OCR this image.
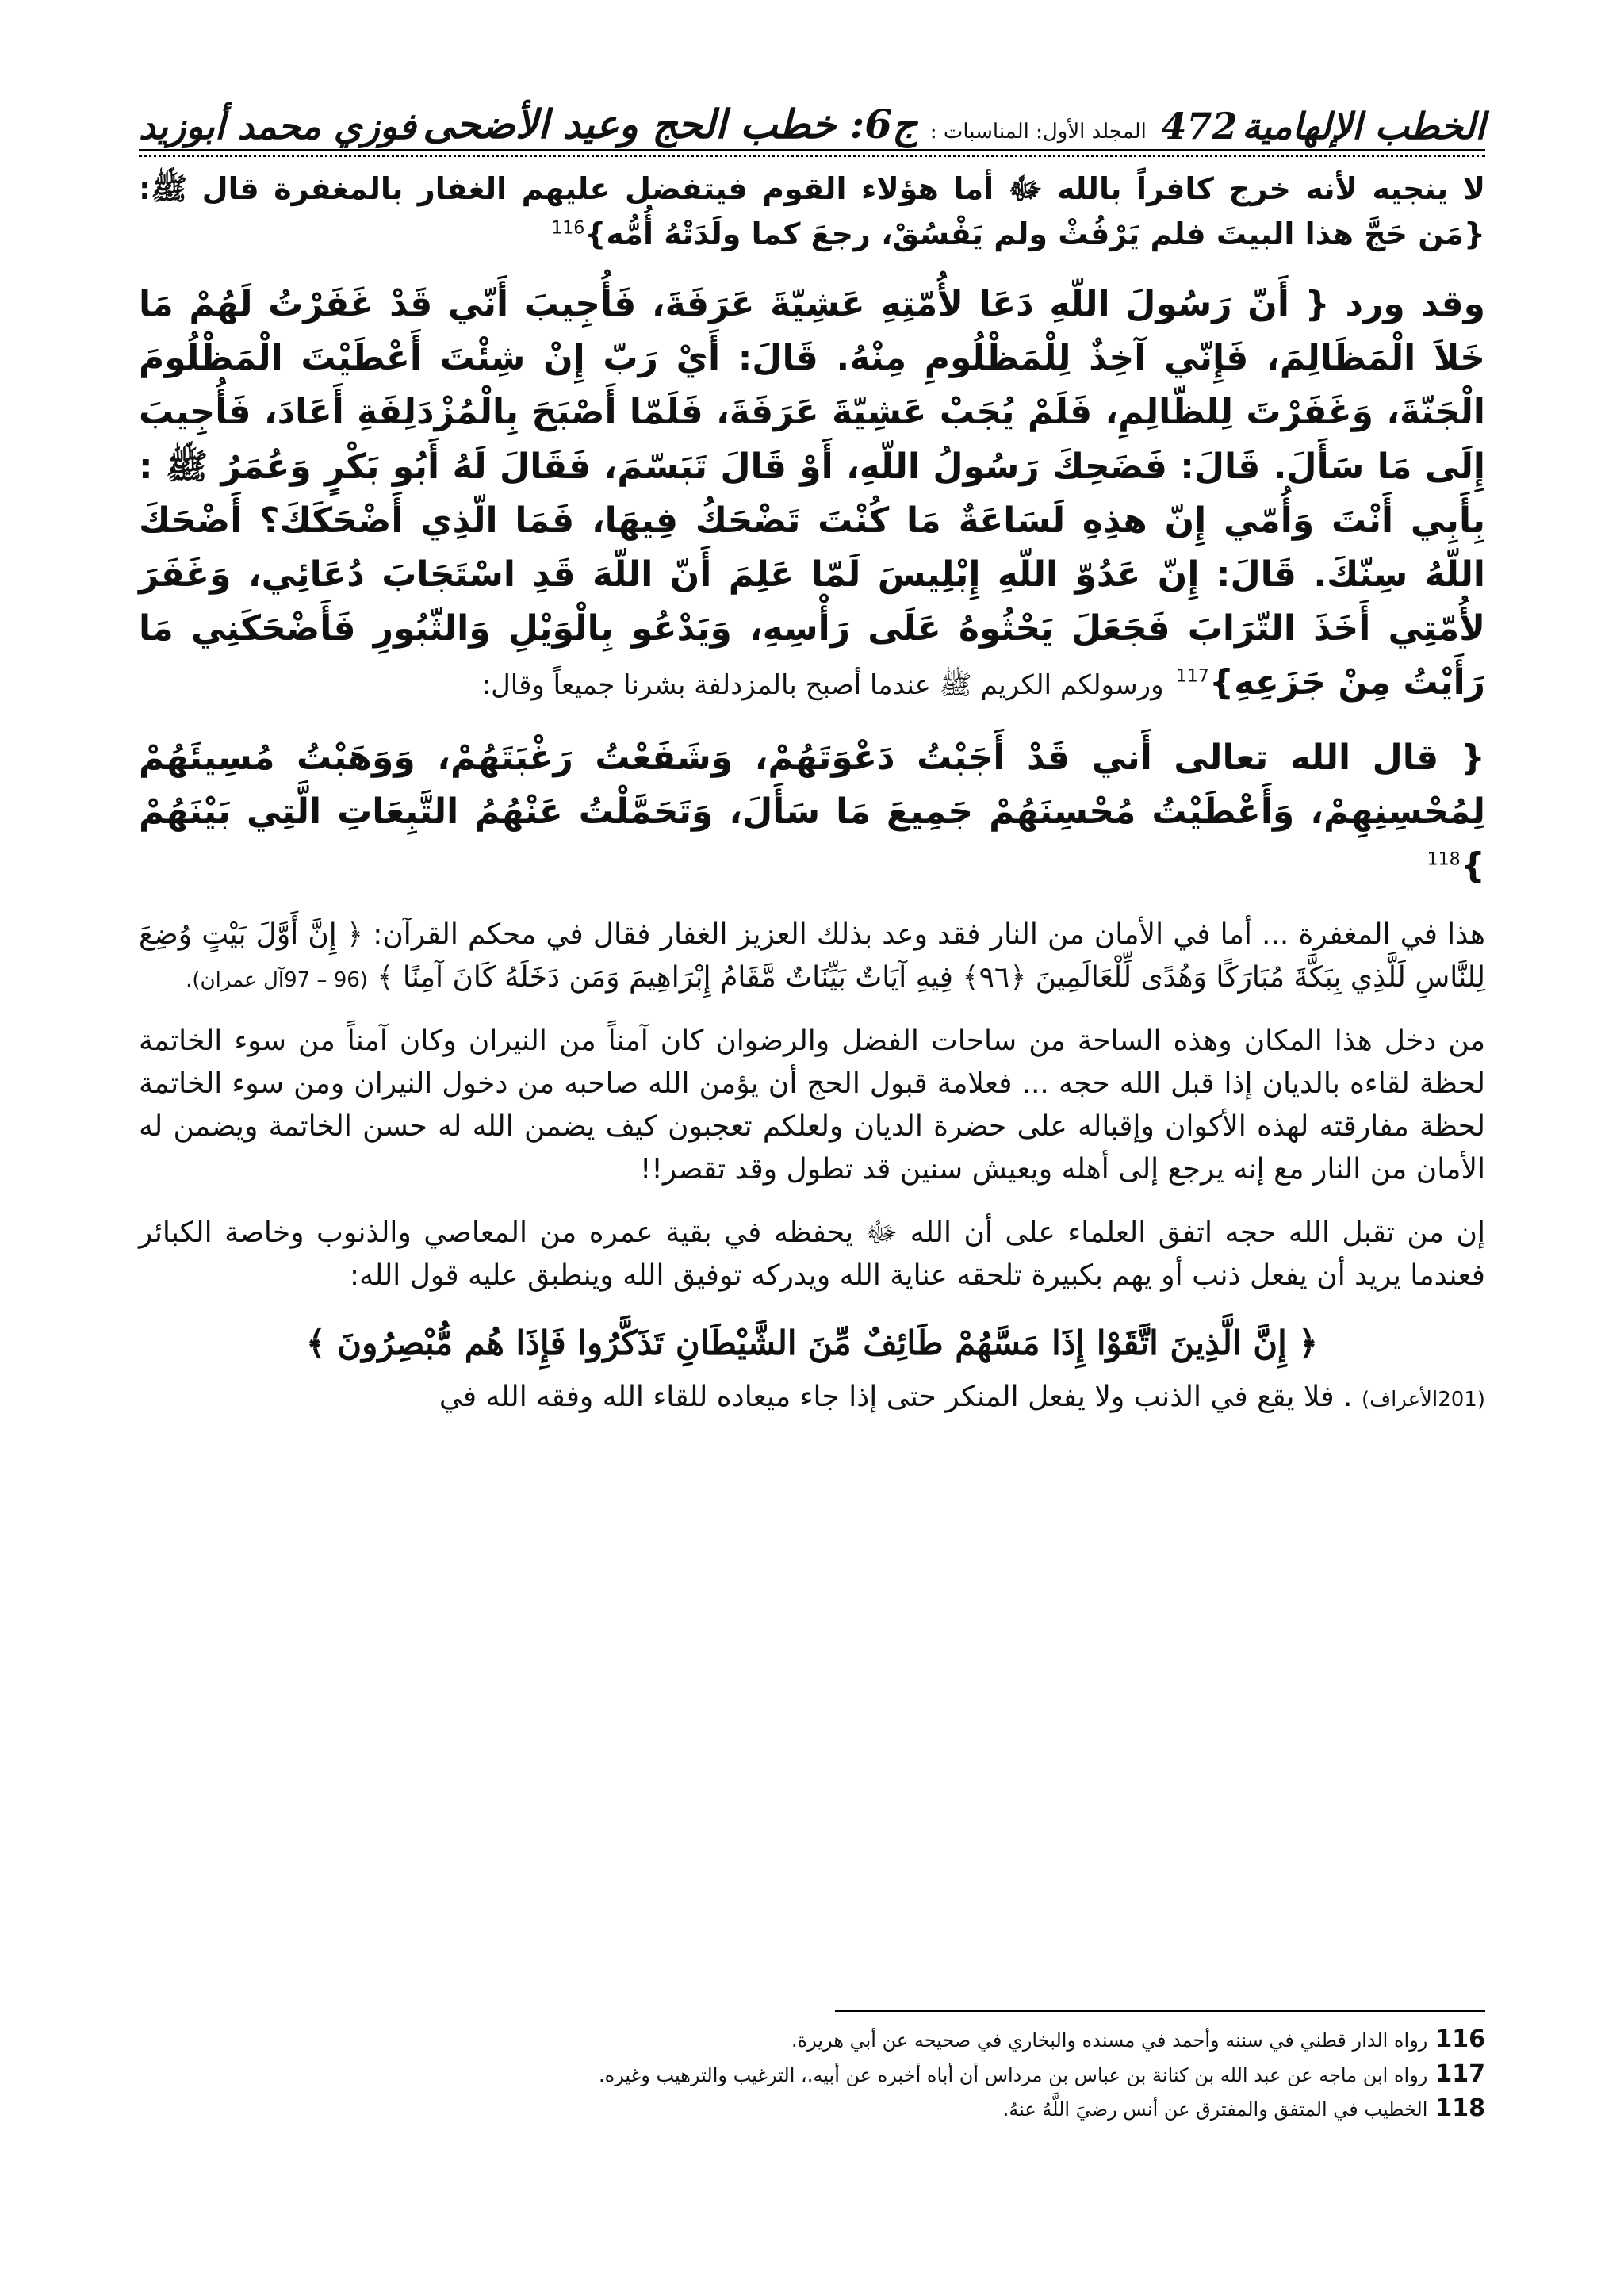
الخطب الإلهامية 472
المجلد الأول: المناسبات : ج6: خطب الحج وعيد الأضحى
فوزي محمد أبوزيد

لا ينجيه لأنه خرج كافراً بالله ﷻ أما هؤلاء القوم فيتفضل عليهم الغفار بالمغفرة قال ﷺ: {مَن حَجَّ هذا البيتَ فلم يَرْفُثْ ولم يَفْسُقْ، رجعَ كما ولَدَتْهُ أُمُّه}$^{116}$

وقد ورد { أَنّ رَسُولَ اللّهِ دَعَا لأُمّتِهِ عَشِيّةَ عَرَفَةَ، فَأُجِيبَ أَنّي قَدْ غَفَرْتُ لَهُمْ مَا خَلاَ الْمَظَالِمَ، فَإِنّي آخِذٌ لِلْمَظْلُومِ مِنْهُ. قَالَ: أَيْ رَبّ إِنْ شِئْتَ أَعْطَيْتَ الْمَظْلُومَ الْجَنّةَ، وَغَفَرْتَ لِلظّالِمِ، فَلَمْ يُجَبْ عَشِيّةَ عَرَفَةَ، فَلَمّا أَصْبَحَ بِالْمُزْدَلِفَةِ أَعَادَ، فَأُجِيبَ إِلَى مَا سَأَلَ. قَالَ: فَضَحِكَ رَسُولُ اللّهِ، أَوْ قَالَ تَبَسّمَ، فَقَالَ لَهُ أَبُو بَكْرٍ وَعُمَرُ ﷺ : بِأَبِي أَنْتَ وَأُمّي إِنّ هذِهِ لَسَاعَةٌ مَا كُنْتَ تَضْحَكُ فِيهَا، فَمَا الّذِي أَضْحَكَكَ؟ أَضْحَكَ اللّهُ سِنّكَ. قَالَ: إِنّ عَدُوّ اللّهِ إِبْلِيسَ لَمّا عَلِمَ أَنّ اللّهَ قَدِ اسْتَجَابَ دُعَائِي، وَغَفَرَ لأُمّتِي أَخَذَ التّرَابَ فَجَعَلَ يَحْثُوهُ عَلَى رَأْسِهِ، وَيَدْعُو بِالْوَيْلِ وَالثّبُورِ فَأَضْحَكَنِي مَا رَأَيْتُ مِنْ جَزَعِهِ}$^{117}$ ورسولكم الكريم ﷺ عندما أصبح بالمزدلفة بشرنا جميعاً وقال:

{ قال الله تعالى أَني قَدْ أَجَبْتُ دَعْوَتَهُمْ، وَشَفَعْتُ رَغْبَتَهُمْ، وَوَهَبْتُ مُسِيئَهُمْ لِمُحْسِنِهِمْ، وَأَعْطَيْتُ مُحْسِنَهُمْ جَمِيعَ مَا سَأَلَ، وَتَحَمَّلْتُ عَنْهُمُ التَّبِعَاتِ الَّتِي بَيْنَهُمْ }$^{118}$

هذا في المغفرة ... أما في الأمان من النار فقد وعد بذلك العزيز الغفار فقال في محكم القرآن: ﴿ إِنَّ أَوَّلَ بَيْتٍ وُضِعَ لِلنَّاسِ لَلَّذِي بِبَكَّةَ مُبَارَكًا وَهُدًى لِّلْعَالَمِينَ ﴿٩٦﴾ فِيهِ آيَاتٌ بَيِّنَاتٌ مَّقَامُ إِبْرَاهِيمَ وَمَن دَخَلَهُ كَانَ آمِنًا ﴾ (96 – 97آل عمران).

من دخل هذا المكان وهذه الساحة من ساحات الفضل والرضوان كان آمناً من النيران وكان آمناً من سوء الخاتمة لحظة لقاءه بالديان إذا قبل الله حجه ... فعلامة قبول الحج أن يؤمن الله صاحبه من دخول النيران ومن سوء الخاتمة لحظة مفارقته لهذه الأكوان وإقباله على حضرة الديان ولعلكم تعجبون كيف يضمن الله له حسن الخاتمة ويضمن له الأمان من النار مع إنه يرجع إلى أهله ويعيش سنين قد تطول وقد تقصر!!

إن من تقبل الله حجه اتفق العلماء على أن الله ﷻ يحفظه في بقية عمره من المعاصي والذنوب وخاصة الكبائر فعندما يريد أن يفعل ذنب أو يهم بكبيرة تلحقه عناية الله ويدركه توفيق الله وينطبق عليه قول الله:

﴿ إِنَّ الَّذِينَ اتَّقَوْا إِذَا مَسَّهُمْ طَائِفٌ مِّنَ الشَّيْطَانِ تَذَكَّرُوا فَإِذَا هُم مُّبْصِرُونَ ﴾

(201الأعراف) . فلا يقع في الذنب ولا يفعل المنكر حتى إذا جاء ميعاده للقاء الله وفقه الله في

116رواه الدار قطني في سننه وأحمد في مسنده والبخاري في صحيحه عن أبي هريرة.
117رواه ابن ماجه عن عبد الله بن كنانة بن عباس بن مرداس أن أباه أخبره عن أبيه.، الترغيب والترهيب وغيره.
118الخطيب في المتفق والمفترق عن أنس رضيَ اللَّهُ عنهُ.
